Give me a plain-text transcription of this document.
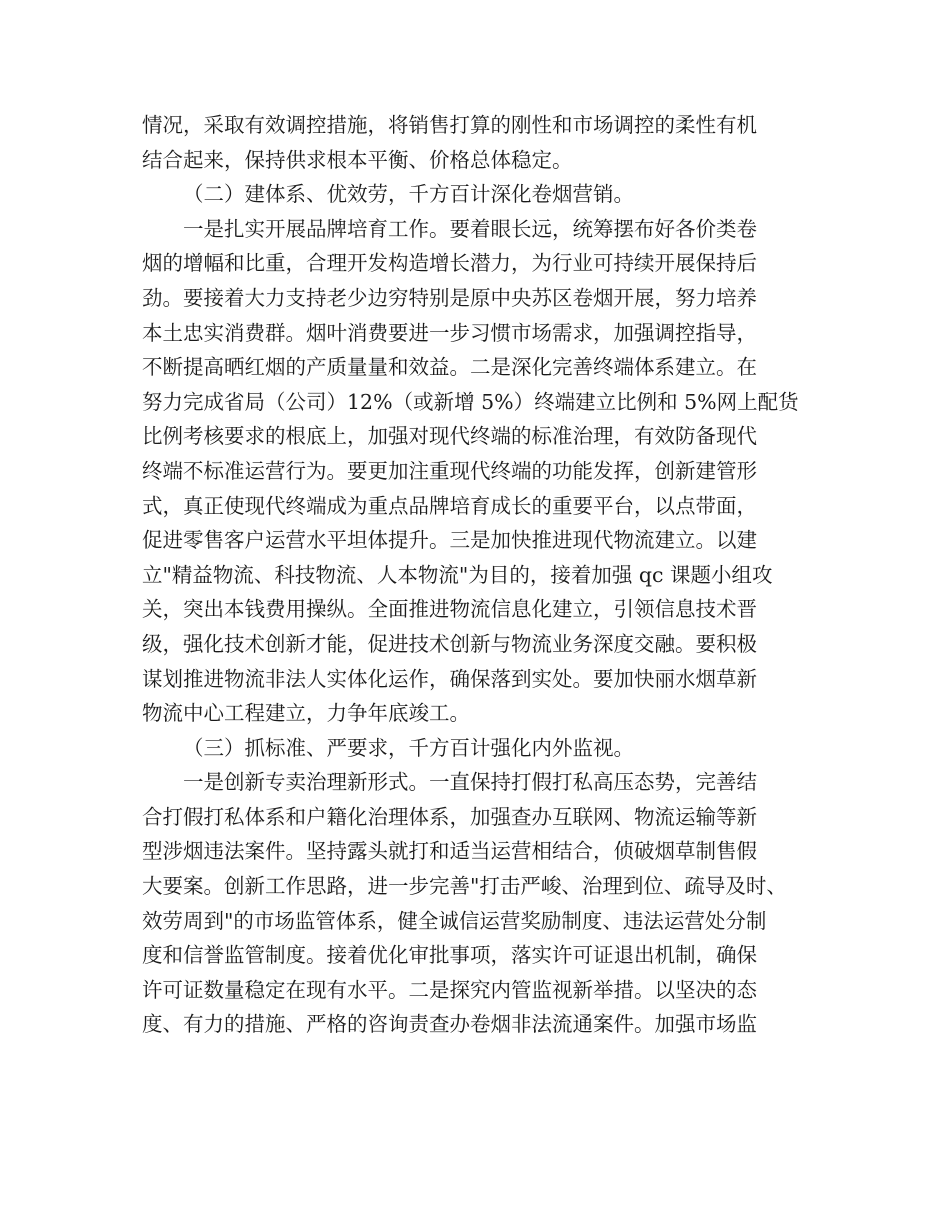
情况，采取有效调控措施，将销售打算的刚性和市场调控的柔性有机
结合起来，保持供求根本平衡、价格总体稳定。
（二）建体系、优效劳，千方百计深化卷烟营销。
一是扎实开展品牌培育工作。要着眼长远，统筹摆布好各价类卷
烟的增幅和比重，合理开发构造增长潜力，为行业可持续开展保持后
劲。要接着大力支持老少边穷特别是原中央苏区卷烟开展，努力培养
本土忠实消费群。烟叶消费要进一步习惯市场需求，加强调控指导，
不断提高晒红烟的产质量量和效益。二是深化完善终端体系建立。在
努力完成省局（公司）12%（或新增 5%）终端建立比例和 5%网上配货
比例考核要求的根底上，加强对现代终端的标准治理，有效防备现代
终端不标准运营行为。要更加注重现代终端的功能发挥，创新建管形
式，真正使现代终端成为重点品牌培育成长的重要平台，以点带面，
促进零售客户运营水平坦体提升。三是加快推进现代物流建立。以建
立"精益物流、科技物流、人本物流"为目的，接着加强 qc 课题小组攻
关，突出本钱费用操纵。全面推进物流信息化建立，引领信息技术晋
级，强化技术创新才能，促进技术创新与物流业务深度交融。要积极
谋划推进物流非法人实体化运作，确保落到实处。要加快丽水烟草新
物流中心工程建立，力争年底竣工。
（三）抓标准、严要求，千方百计强化内外监视。
一是创新专卖治理新形式。一直保持打假打私高压态势，完善结
合打假打私体系和户籍化治理体系，加强查办互联网、物流运输等新
型涉烟违法案件。坚持露头就打和适当运营相结合，侦破烟草制售假
大要案。创新工作思路，进一步完善"打击严峻、治理到位、疏导及时、
效劳周到"的市场监管体系，健全诚信运营奖励制度、违法运营处分制
度和信誉监管制度。接着优化审批事项，落实许可证退出机制，确保
许可证数量稳定在现有水平。二是探究内管监视新举措。以坚决的态
度、有力的措施、严格的咨询责查办卷烟非法流通案件。加强市场监
